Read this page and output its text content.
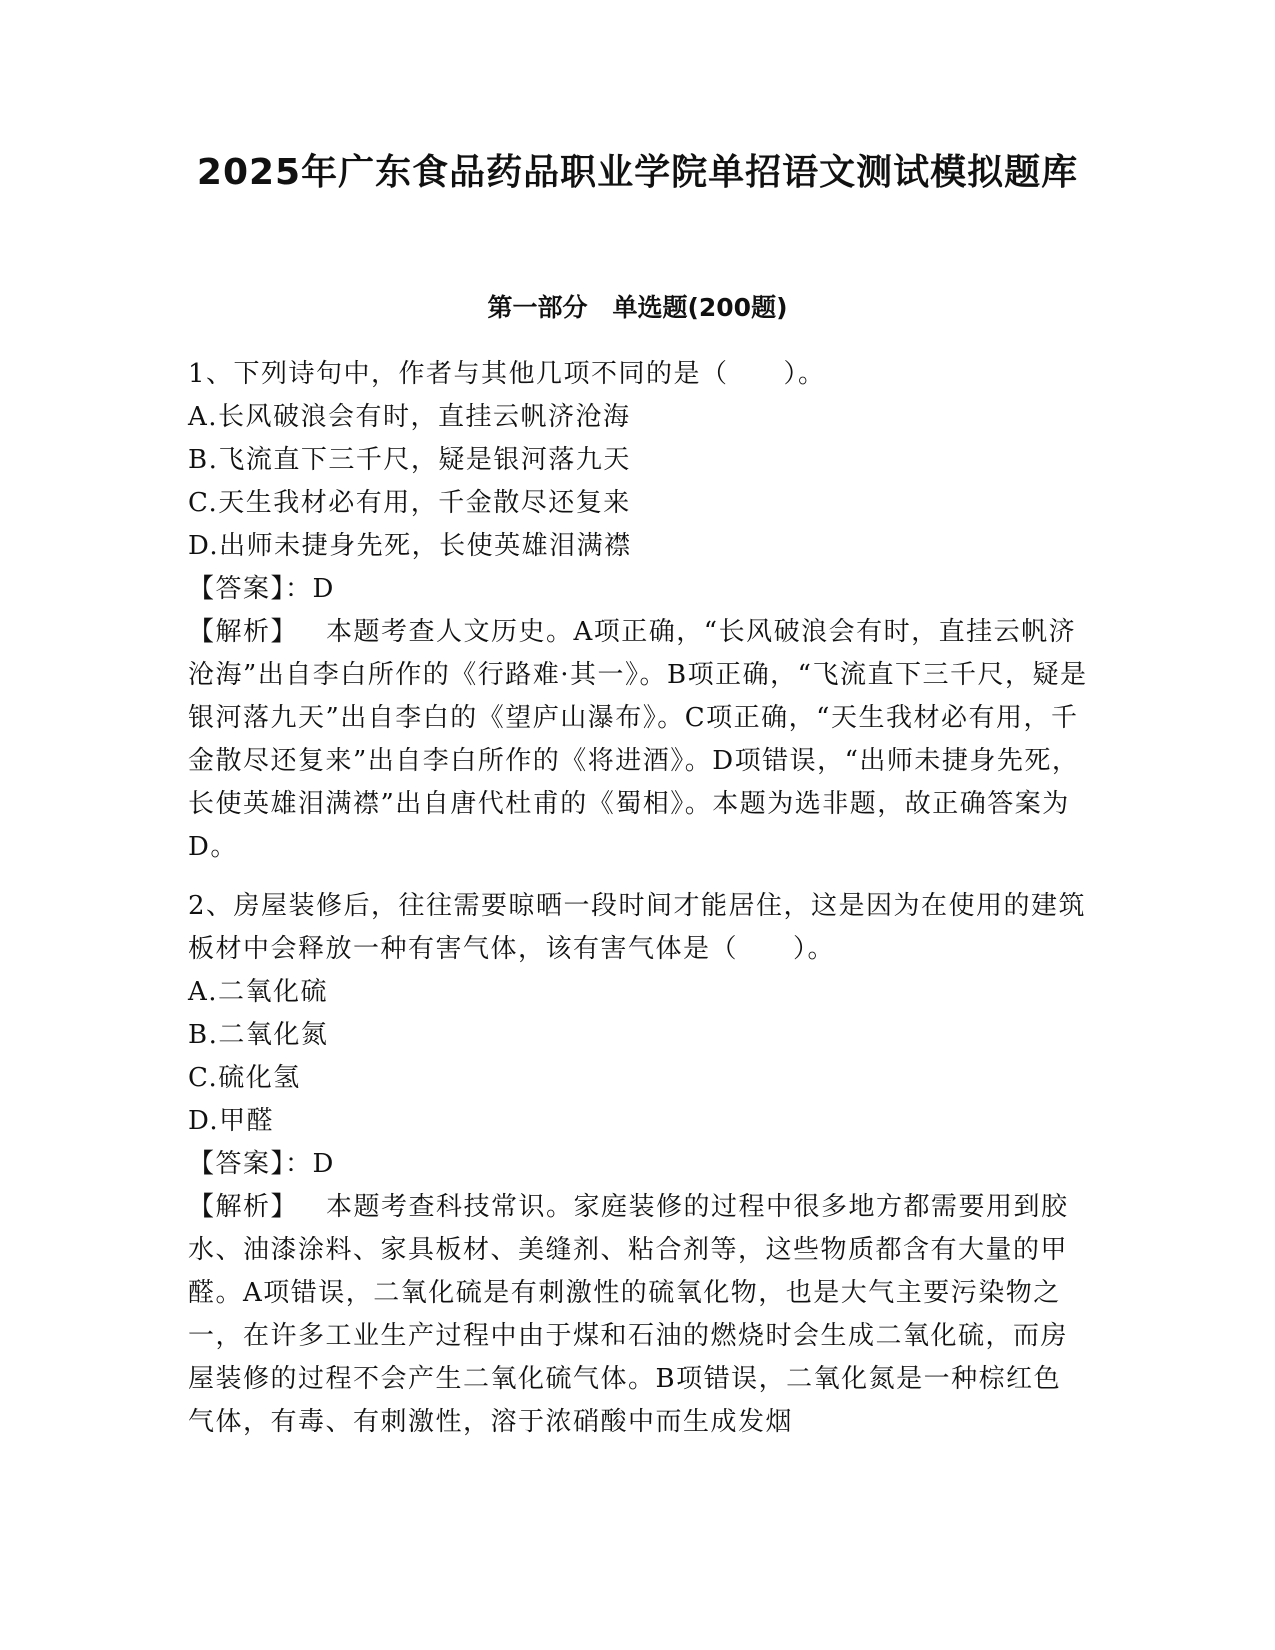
2025年广东食品药品职业学院单招语文测试模拟题库
第一部分　单选题(200题)

1、下列诗句中，作者与其他几项不同的是（　　）。

A.长风破浪会有时，直挂云帆济沧海

B.飞流直下三千尺，疑是银河落九天

C.天生我材必有用，千金散尽还复来

D.出师未捷身先死，长使英雄泪满襟

【答案】：D

【解析】 本题考查人文历史。A项正确，“长风破浪会有时，直挂云帆济沧海”出自李白所作的《行路难·其一》。B项正确，“飞流直下三千尺，疑是银河落九天”出自李白的《望庐山瀑布》。C项正确，“天生我材必有用，千金散尽还复来”出自李白所作的《将进酒》。D项错误，“出师未捷身先死，长使英雄泪满襟”出自唐代杜甫的《蜀相》。本题为选非题，故正确答案为D。

2、房屋装修后，往往需要晾晒一段时间才能居住，这是因为在使用的建筑板材中会释放一种有害气体，该有害气体是（　　）。

A.二氧化硫

B.二氧化氮

C.硫化氢

D.甲醛

【答案】：D

【解析】 本题考查科技常识。家庭装修的过程中很多地方都需要用到胶水、油漆涂料、家具板材、美缝剂、粘合剂等，这些物质都含有大量的甲醛。A项错误，二氧化硫是有刺激性的硫氧化物，也是大气主要污染物之一，在许多工业生产过程中由于煤和石油的燃烧时会生成二氧化硫，而房屋装修的过程不会产生二氧化硫气体。B项错误，二氧化氮是一种棕红色气体，有毒、有刺激性，溶于浓硝酸中而生成发烟
